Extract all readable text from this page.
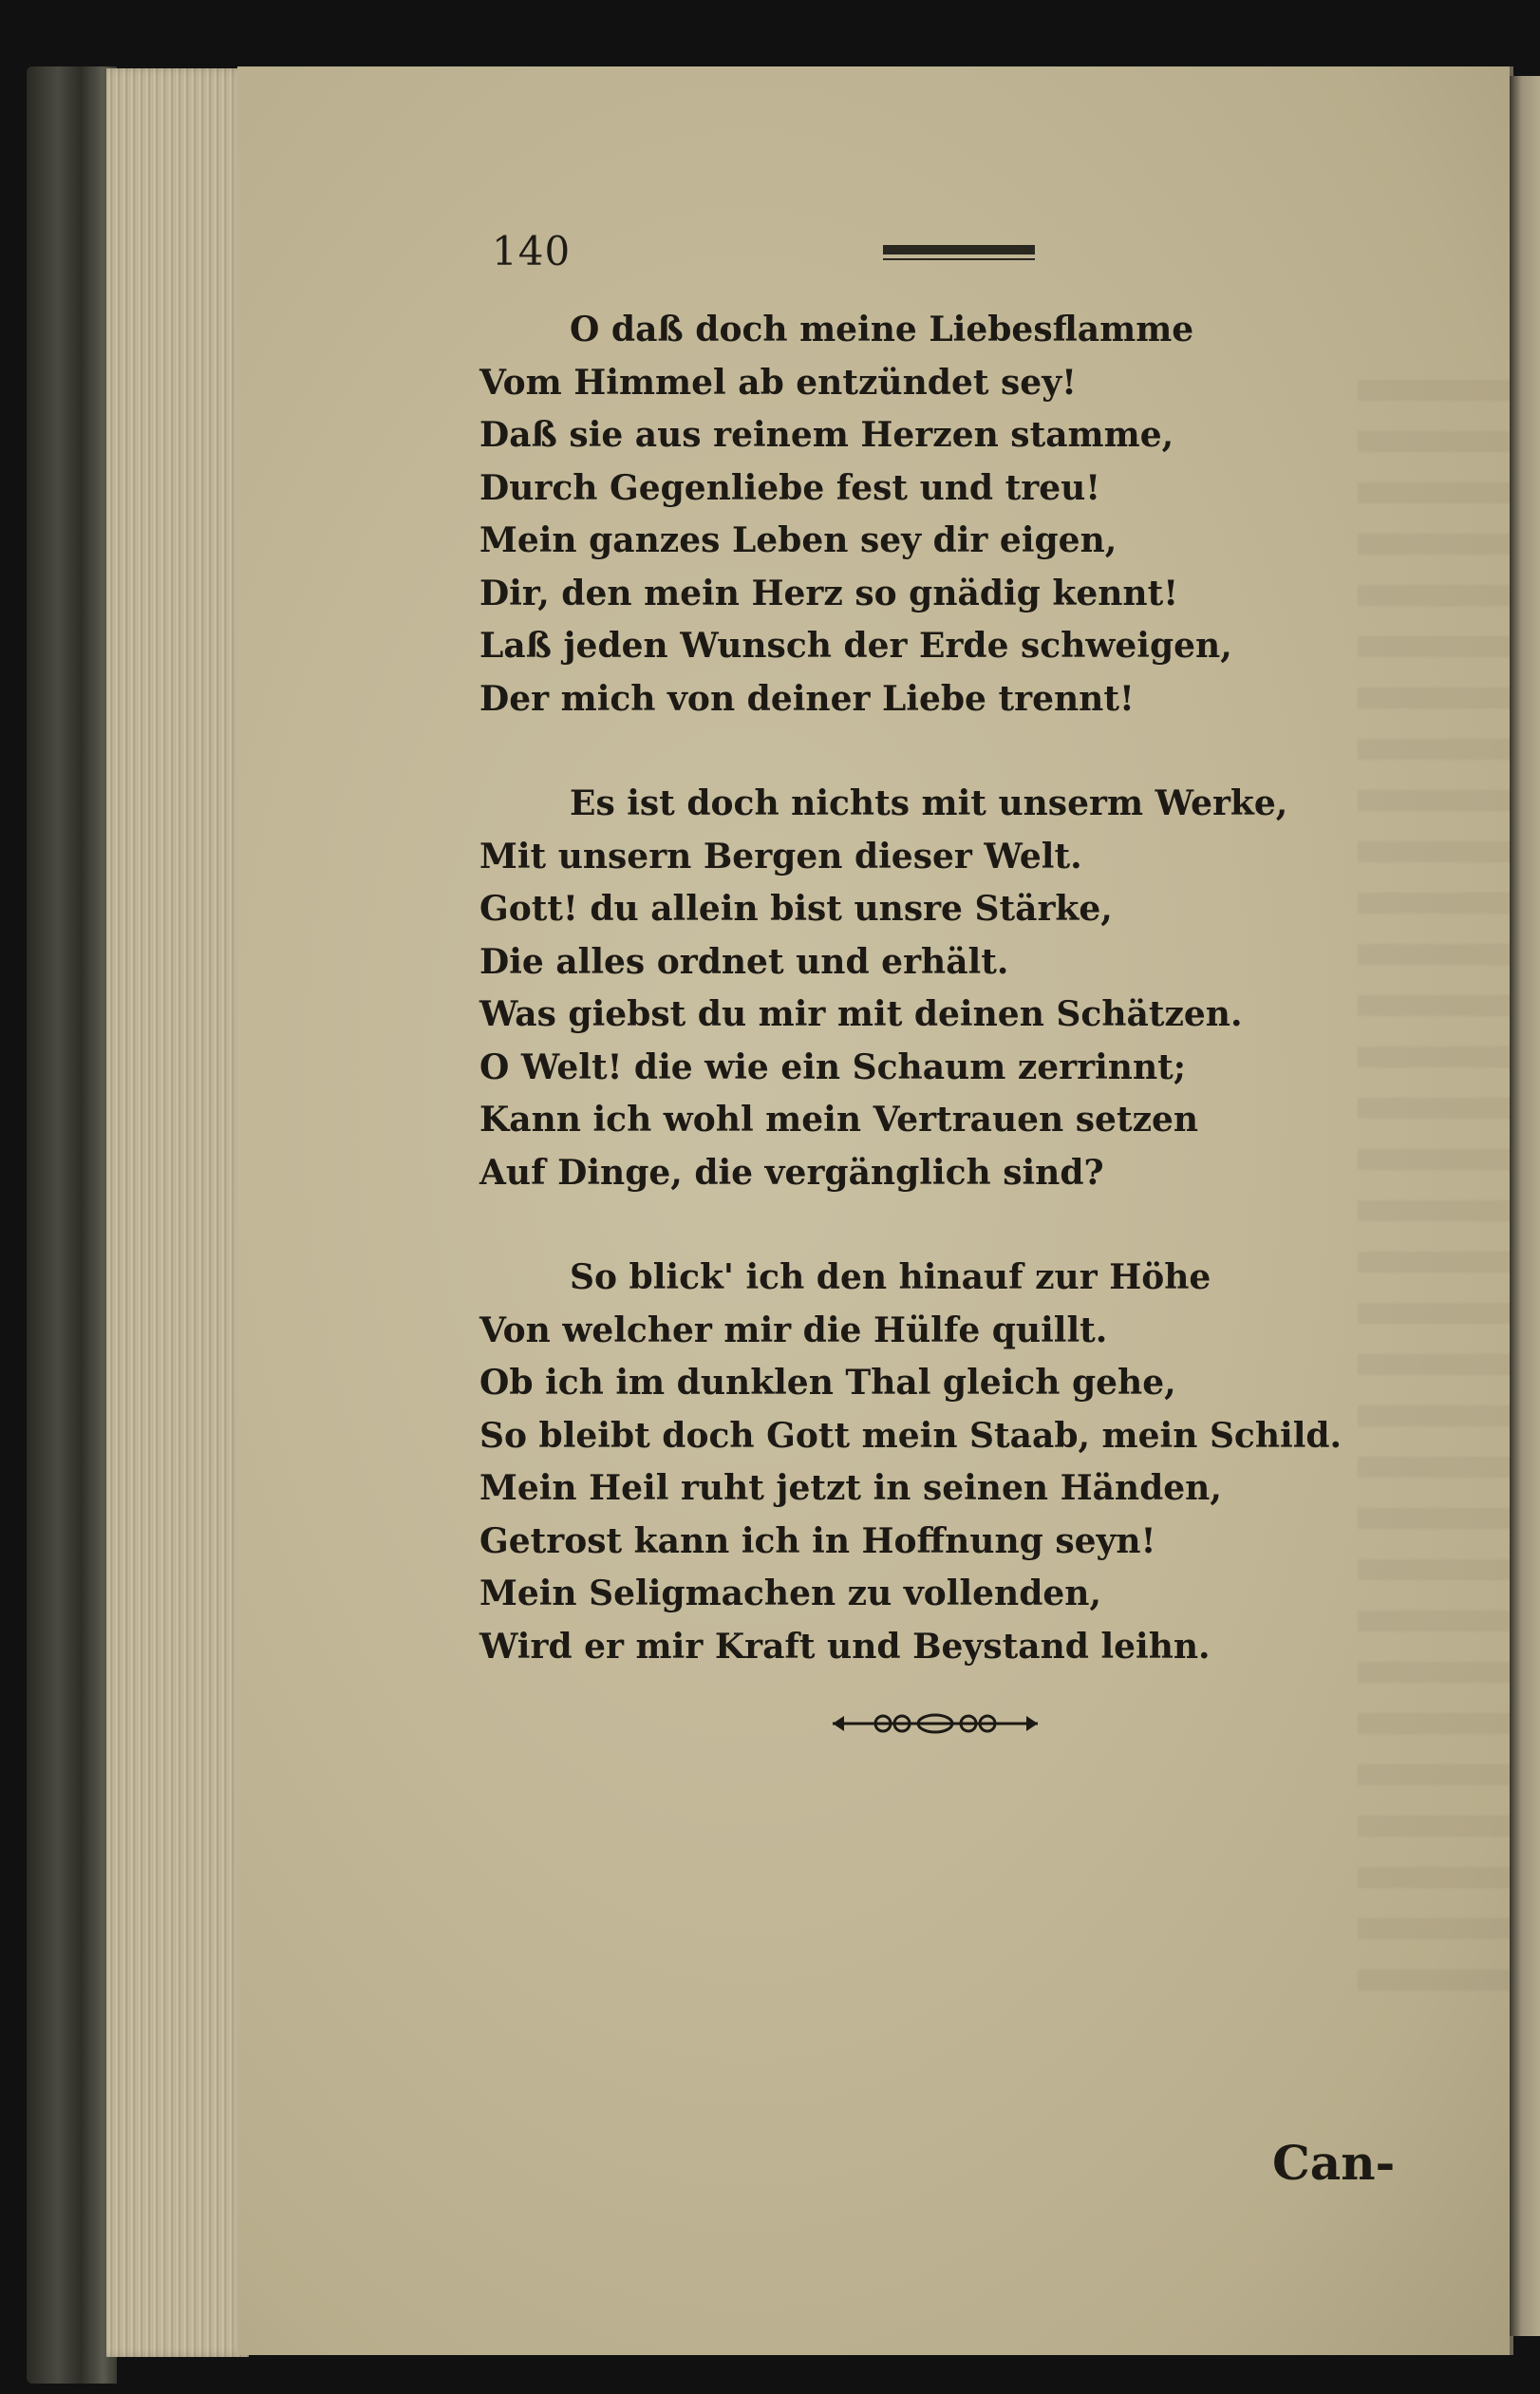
140
O daß doch meine Liebesflamme
Vom Himmel ab entzündet sey!
Daß sie aus reinem Herzen stamme,
Durch Gegenliebe fest und treu!
Mein ganzes Leben sey dir eigen,
Dir, den mein Herz so gnädig kennt!
Laß jeden Wunsch der Erde schweigen,
Der mich von deiner Liebe trennt!
Es ist doch nichts mit unserm Werke,
Mit unsern Bergen dieser Welt.
Gott! du allein bist unsre Stärke,
Die alles ordnet und erhält.
Was giebst du mir mit deinen Schätzen.
O Welt! die wie ein Schaum zerrinnt;
Kann ich wohl mein Vertrauen setzen
Auf Dinge, die vergänglich sind?
So blick' ich den hinauf zur Höhe
Von welcher mir die Hülfe quillt.
Ob ich im dunklen Thal gleich gehe,
So bleibt doch Gott mein Staab, mein Schild.
Mein Heil ruht jetzt in seinen Händen,
Getrost kann ich in Hoffnung seyn!
Mein Seligmachen zu vollenden,
Wird er mir Kraft und Beystand leihn.
Can-
